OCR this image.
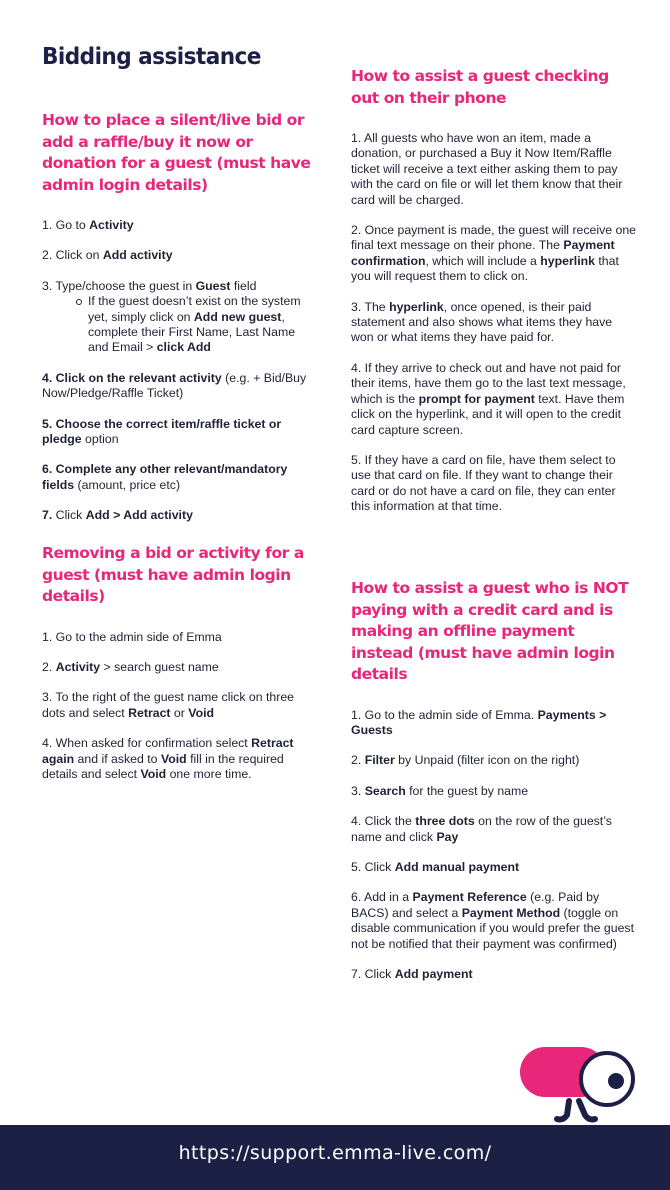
Bidding assistance
How to place a silent/live bid or add a raffle/buy it now or donation for a guest (must have admin login details)

1. Go to Activity

2. Click on Add activity

3. Type/choose the guest in Guest field

If the guest doesn’t exist on the system yet, simply click on Add new guest, complete their First Name, Last Name and Email > click Add

4. Click on the relevant activity (e.g. + Bid/Buy Now/Pledge/Raffle Ticket)

5. Choose the correct item/raffle ticket or pledge option

6. Complete any other relevant/mandatory fields (amount, price etc)

7. Click Add > Add activity

Removing a bid or activity for a guest (must have admin login details)

1. Go to the admin side of Emma

2. Activity > search guest name

3. To the right of the guest name click on three dots and select Retract or Void

4. When asked for confirmation select Retract again and if asked to Void fill in the required details and select Void one more time.

How to assist a guest checking out on their phone

1. All guests who have won an item, made a donation, or purchased a Buy it Now Item/Raffle ticket will receive a text either asking them to pay with the card on file or will let them know that their card will be charged.

2. Once payment is made, the guest will receive one final text message on their phone. The Payment confirmation, which will include a hyperlink that you will request them to click on.

3. The hyperlink, once opened, is their paid statement and also shows what items they have won or what items they have paid for.

4. If they arrive to check out and have not paid for their items, have them go to the last text message, which is the prompt for payment text. Have them click on the hyperlink, and it will open to the credit card capture screen.

5. If they have a card on file, have them select to use that card on file. If they want to change their card or do not have a card on file, they can enter this information at that time.

How to assist a guest who is NOT paying with a credit card and is making an offline payment instead (must have admin login details

1. Go to the admin side of Emma. Payments > Guests

2. Filter by Unpaid (filter icon on the right)

3. Search for the guest by name

4. Click the three dots on the row of the guest’s name and click Pay

5. Click Add manual payment

6. Add in a Payment Reference (e.g. Paid by BACS) and select a Payment Method (toggle on disable communication if you would prefer the guest not be notified that their payment was confirmed)

7. Click Add payment

https://support.emma-live.com/
